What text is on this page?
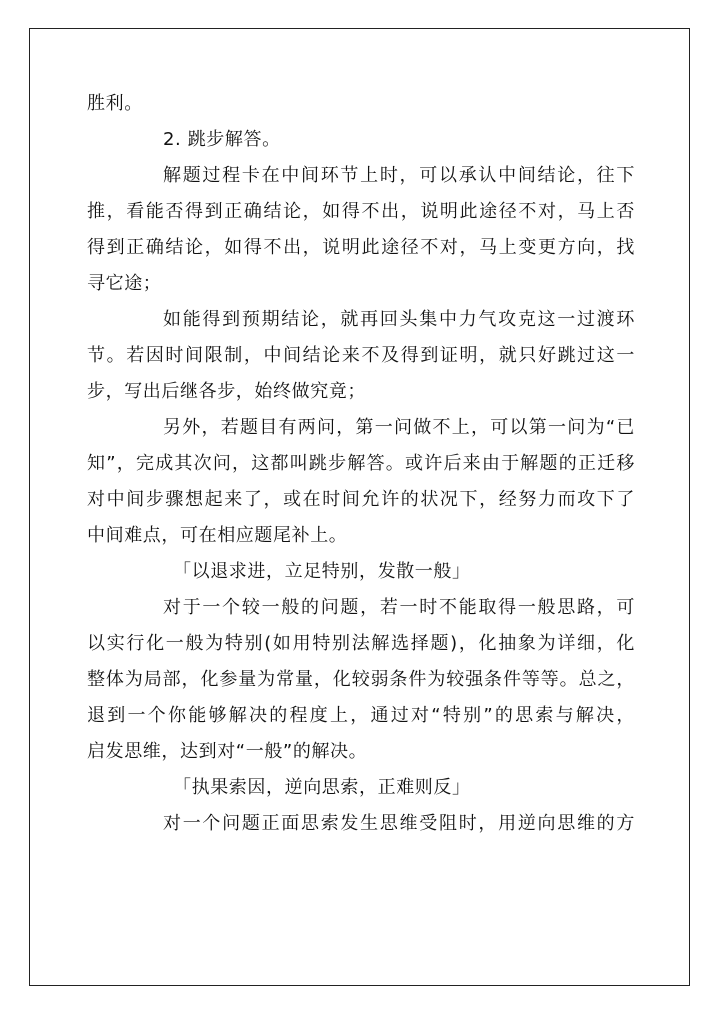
胜利。
2. 跳步解答。
解题过程卡在中间环节上时，可以承认中间结论，往下
推，看能否得到正确结论，如得不出，说明此途径不对，马上否
得到正确结论，如得不出，说明此途径不对，马上变更方向，找
寻它途；
如能得到预期结论，就再回头集中力气攻克这一过渡环
节。若因时间限制，中间结论来不及得到证明，就只好跳过这一
步，写出后继各步，始终做究竟；
另外，若题目有两问，第一问做不上，可以第一问为“已
知”，完成其次问，这都叫跳步解答。或许后来由于解题的正迁移
对中间步骤想起来了，或在时间允许的状况下，经努力而攻下了
中间难点，可在相应题尾补上。
「以退求进，立足特别，发散一般」
对于一个较一般的问题，若一时不能取得一般思路，可
以实行化一般为特别(如用特别法解选择题)，化抽象为详细，化
整体为局部，化参量为常量，化较弱条件为较强条件等等。总之，
退到一个你能够解决的程度上，通过对“特别”的思索与解决，
启发思维，达到对“一般”的解决。
「执果索因，逆向思索，正难则反」
对一个问题正面思索发生思维受阻时，用逆向思维的方
